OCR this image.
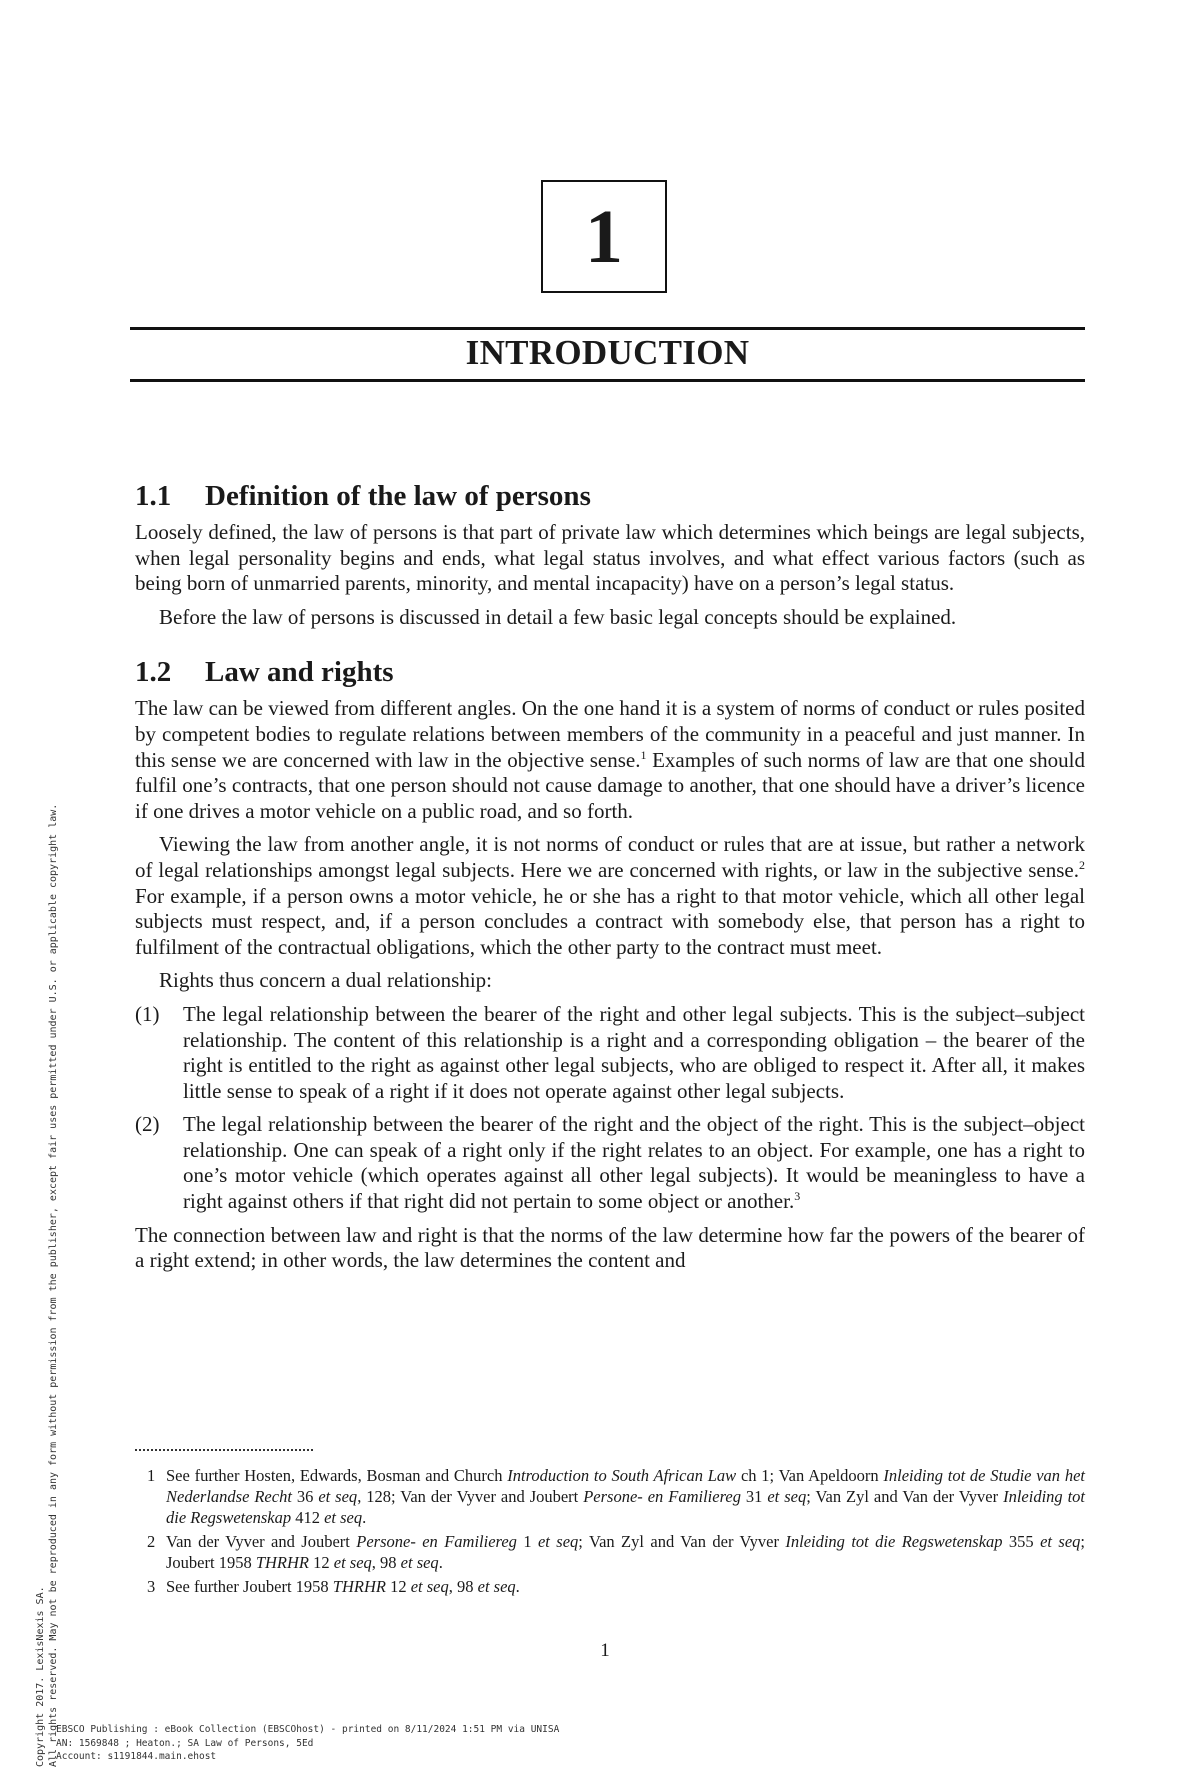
1
INTRODUCTION
1.1 Definition of the law of persons

Loosely defined, the law of persons is that part of private law which determines which beings are legal subjects, when legal personality begins and ends, what legal status involves, and what effect various factors (such as being born of unmarried parents, minority, and mental incapacity) have on a person’s legal status.

Before the law of persons is discussed in detail a few basic legal concepts should be explained.

1.2 Law and rights

The law can be viewed from different angles. On the one hand it is a system of norms of conduct or rules posited by competent bodies to regulate relations between members of the community in a peaceful and just manner. In this sense we are concerned with law in the objective sense.$^1$ Examples of such norms of law are that one should fulfil one’s contracts, that one person should not cause damage to another, that one should have a driver’s licence if one drives a motor vehicle on a public road, and so forth.

Viewing the law from another angle, it is not norms of conduct or rules that are at issue, but rather a network of legal relationships amongst legal subjects. Here we are concerned with rights, or law in the subjective sense.$^2$ For example, if a person owns a motor vehicle, he or she has a right to that motor vehicle, which all other legal subjects must respect, and, if a person concludes a contract with somebody else, that person has a right to fulfilment of the contractual obligations, which the other party to the contract must meet.

Rights thus concern a dual relationship:

(1)	The legal relationship between the bearer of the right and other legal subjects. This is the subject–subject relationship. The content of this relationship is a right and a corresponding obligation – the bearer of the right is entitled to the right as against other legal subjects, who are obliged to respect it. After all, it makes little sense to speak of a right if it does not operate against other legal subjects.
(2)	The legal relationship between the bearer of the right and the object of the right. This is the subject–object relationship. One can speak of a right only if the right relates to an object. For example, one has a right to one’s motor vehicle (which operates against all other legal subjects). It would be meaningless to have a right against others if that right did not pertain to some object or another.$^3$

The connection between law and right is that the norms of the law determine how far the powers of the bearer of a right extend; in other words, the law determines the content and

1 See further Hosten, Edwards, Bosman and Church Introduction to South African Law ch 1; Van Apeldoorn Inleiding tot de Studie van het Nederlandse Recht 36 et seq, 128; Van der Vyver and Joubert Persone- en Familiereg 31 et seq; Van Zyl and Van der Vyver Inleiding tot die Regswetenskap 412 et seq.
2 Van der Vyver and Joubert Persone- en Familiereg 1 et seq; Van Zyl and Van der Vyver Inleiding tot die Regswetenskap 355 et seq; Joubert 1958 THRHR 12 et seq, 98 et seq.
3 See further Joubert 1958 THRHR 12 et seq, 98 et seq.
1
Copyright 2017. LexisNexis SA. All rights reserved. May not be reproduced in any form without permission from the publisher, except fair uses permitted under U.S. or applicable copyright law.
EBSCO Publishing : eBook Collection (EBSCOhost) - printed on 8/11/2024 1:51 PM via UNISA
AN: 1569848 ; Heaton.; SA Law of Persons, 5Ed
Account: s1191844.main.ehost
